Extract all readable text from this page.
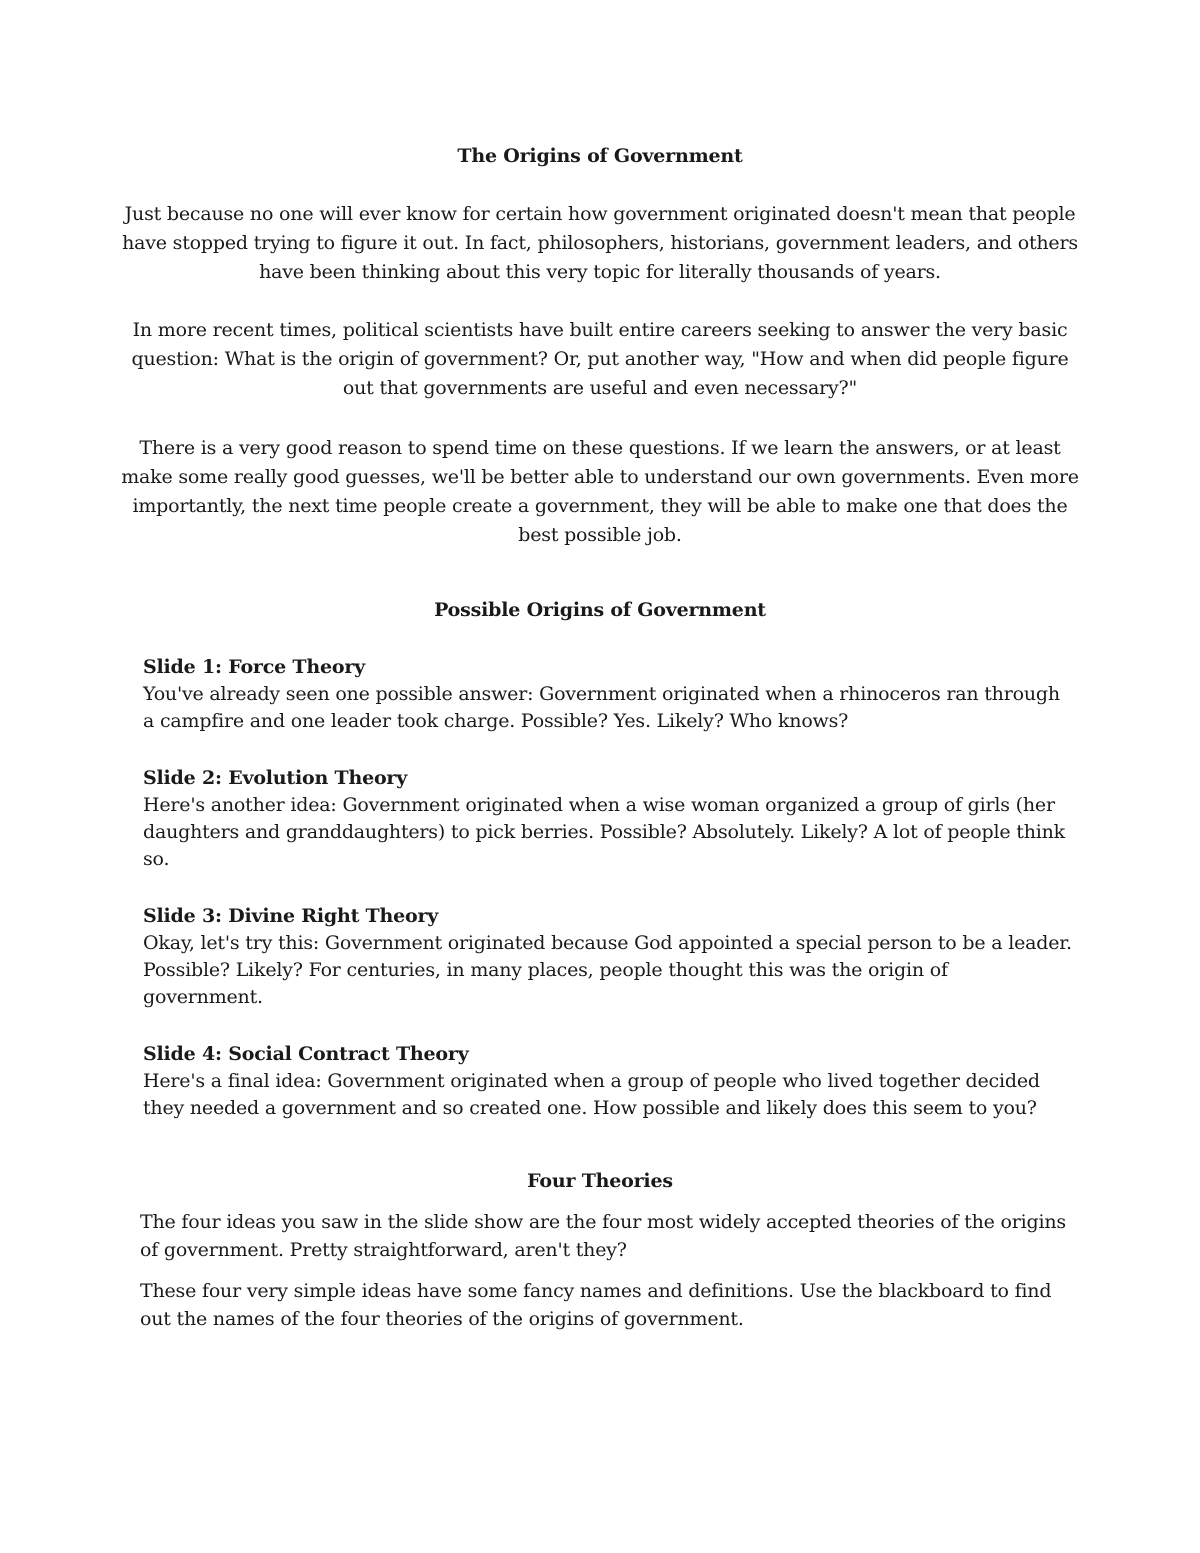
The Origins of Government

Just because no one will ever know for certain how government originated doesn't mean that people have stopped trying to figure it out. In fact, philosophers, historians, government leaders, and others have been thinking about this very topic for literally thousands of years.

In more recent times, political scientists have built entire careers seeking to answer the very basic question: What is the origin of government? Or, put another way, "How and when did people figure out that governments are useful and even necessary?"

There is a very good reason to spend time on these questions. If we learn the answers, or at least make some really good guesses, we'll be better able to understand our own governments. Even more importantly, the next time people create a government, they will be able to make one that does the best possible job.

Possible Origins of Government

Slide 1: Force Theory
You've already seen one possible answer: Government originated when a rhinoceros ran through a campfire and one leader took charge. Possible? Yes. Likely? Who knows?
Slide 2: Evolution Theory
Here's another idea: Government originated when a wise woman organized a group of girls (her daughters and granddaughters) to pick berries. Possible? Absolutely. Likely? A lot of people think so.
Slide 3: Divine Right Theory
Okay, let's try this: Government originated because God appointed a special person to be a leader. Possible? Likely? For centuries, in many places, people thought this was the origin of government.
Slide 4: Social Contract Theory
Here's a final idea: Government originated when a group of people who lived together decided they needed a government and so created one. How possible and likely does this seem to you?

Four Theories

The four ideas you saw in the slide show are the four most widely accepted theories of the origins of government. Pretty straightforward, aren't they?

These four very simple ideas have some fancy names and definitions. Use the blackboard to find out the names of the four theories of the origins of government.
